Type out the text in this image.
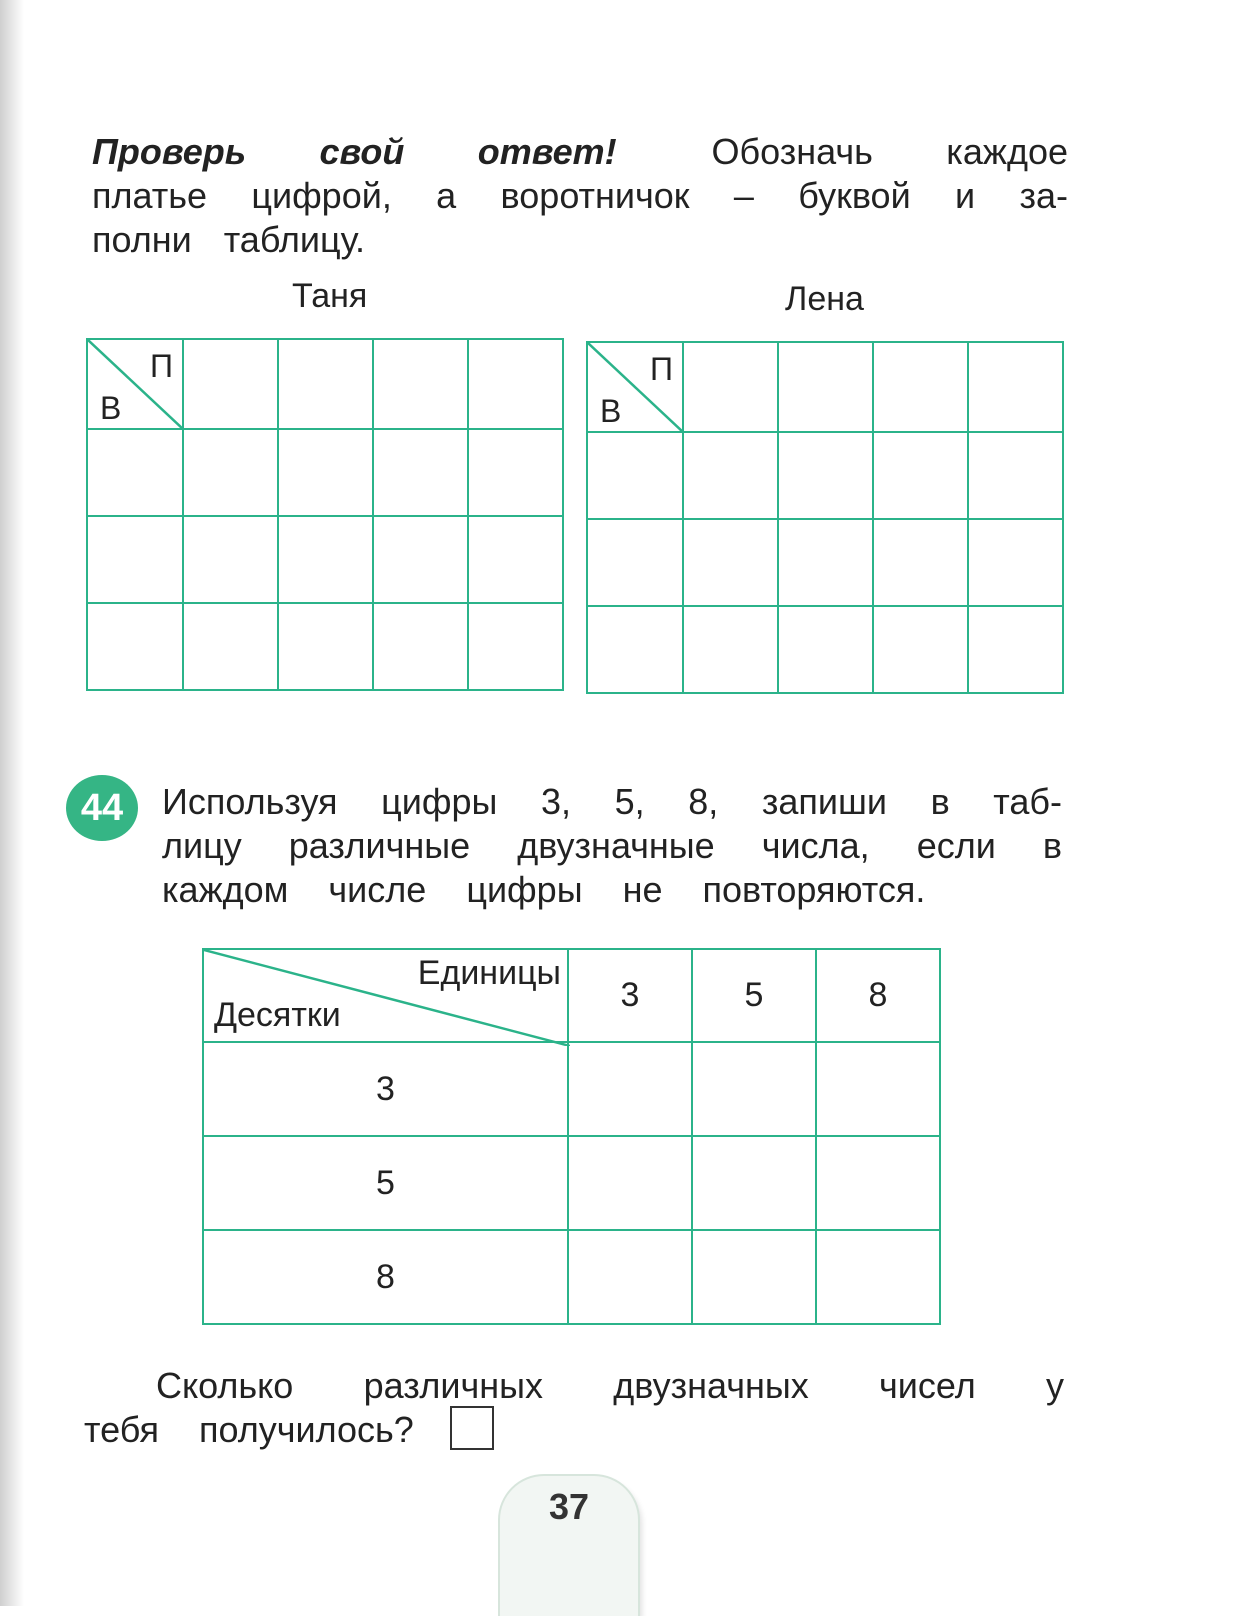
Проверь свой ответ!	Обозначь каждое
платье цифрой, а воротничок – буквой и за-
полни таблицу.
Таня	Лена
П
В				

П
В				

44	Используя цифры 3, 5, 8, запиши в таб-
лицу различные двузначные числа, если в
каждом числе цифры не повторяются.
Единицы
Десятки	3	5	8
3			
5			
8			
Сколько различных двузначных чисел у
тебя получилось?
37
